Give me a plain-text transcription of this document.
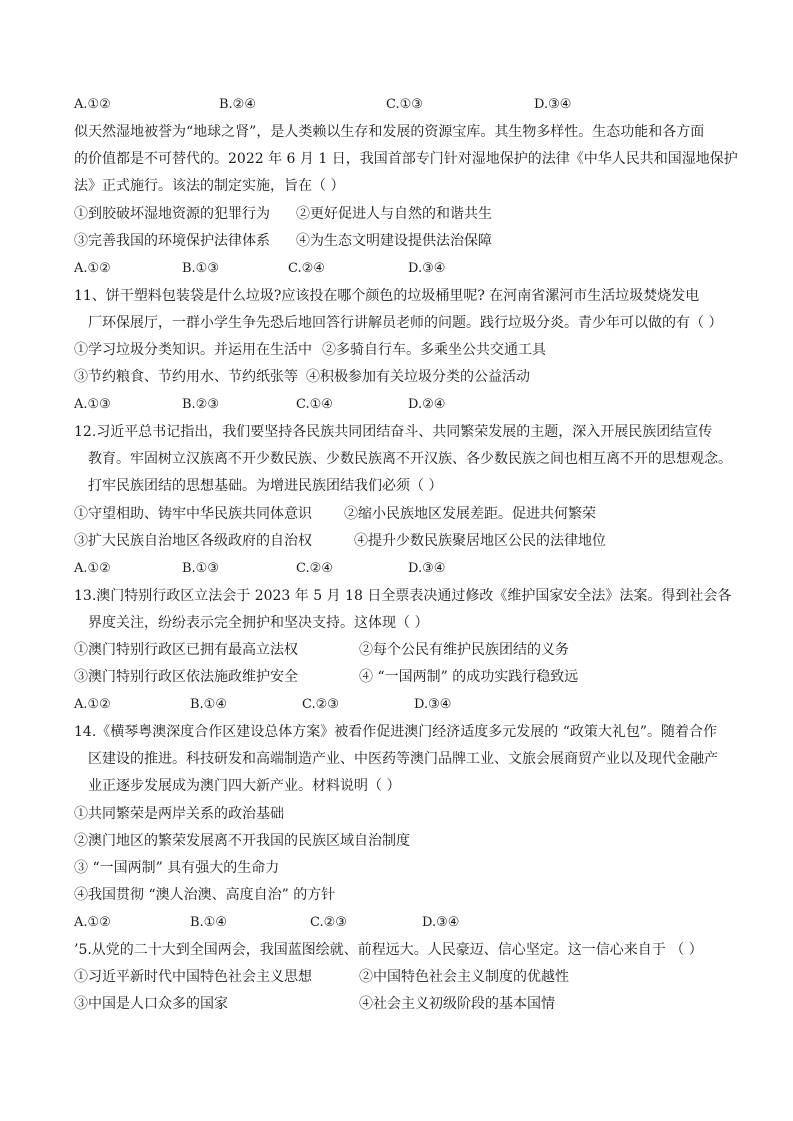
A.①②	B.②④	C.①③	D.③④
似天然湿地被誉为“地球之肾”，是人类赖以生存和发展的资源宝库。其生物多样性。生态功能和各方面
的价值都是不可替代的。2022 年 6 月 1 日，我国首部专门针对湿地保护的法律《中华人民共和国湿地保护
法》正式施行。该法的制定实施，旨在（ ）
①到胶破坏湿地资源的犯罪行为 ②更好促进人与自然的和谐共生
③完善我国的环境保护法律体系 ④为生态文明建设提供法治保障
A.①②	B.①③	C.②④	D.③④
11、饼干塑料包装袋是什么垃圾?应该投在哪个颜色的垃圾桶里呢? 在河南省漯河市生活垃圾焚烧发电
厂环保展厅，一群小学生争先恐后地回答行讲解员老师的问题。践行垃圾分炎。青少年可以做的有（ ）
①学习垃圾分类知识。并运用在生活中 ②多骑自行车。多乘坐公共交通工具
③节约粮食、节约用水、节约纸张等 ④积极参加有关垃圾分类的公益活动
A.①③	B.②③	C.①④	D.②④
12.习近平总书记指出，我们要坚持各民族共同团结奋斗、共同繁荣发展的主题，深入开展民族团结宣传
教育。牢固树立汉族离不开少数民族、少数民族离不开汉族、各少数民族之间也相互离不开的思想观念。
打牢民族团结的思想基础。为增进民族团结我们必须（ ）
①守望相助、铸牢中华民族共同体意识 ②缩小民族地区发展差距。促进共何繁荣
③扩大民族自治地区各级政府的自治权	④提升少数民族聚居地区公民的法律地位
A.①②	B.①③	C.②④	D.③④
13.澳门特别行政区立法会于 2023 年 5 月 18 日全票表决通过修改《维护国家安全法》法案。得到社会各
界度关注，纷纷表示完全拥护和坚决支持。这体现（ ）
①澳门特别行政区已拥有最高立法权	②每个公民有维护民族团结的义务
③澳门特别行政区依法施政维护安全	④ “一国两制” 的成功实践行稳致远
A.①②	B.①④	C.②③	D.③④
14.《横琴粤澳深度合作区建设总体方案》被看作促进澳门经济适度多元发展的 “政策大礼包”。随着合作
区建设的推进。科技研发和高端制造产业、中医药等澳门品牌工业、文旅会展商贸产业以及现代金融产
业正逐步发展成为澳门四大新产业。材料说明（ ）
①共同繁荣是两岸关系的政治基础
②澳门地区的繁荣发展离不开我国的民族区域自治制度
③ “一国两制” 具有强大的生命力
④我国贯彻 “澳人治澳、高度自治” 的方针
A.①②	B.①④	C.②③	D.③④
’5.从党的二十大到全国两会，我国蓝图绘就、前程远大。人民豪迈、信心坚定。这一信心来自于 （ ）
①习近平新时代中国特色社会主义思想	②中国特色社会主义制度的优越性
③中国是人口众多的国家	④社会主义初级阶段的基本国情
